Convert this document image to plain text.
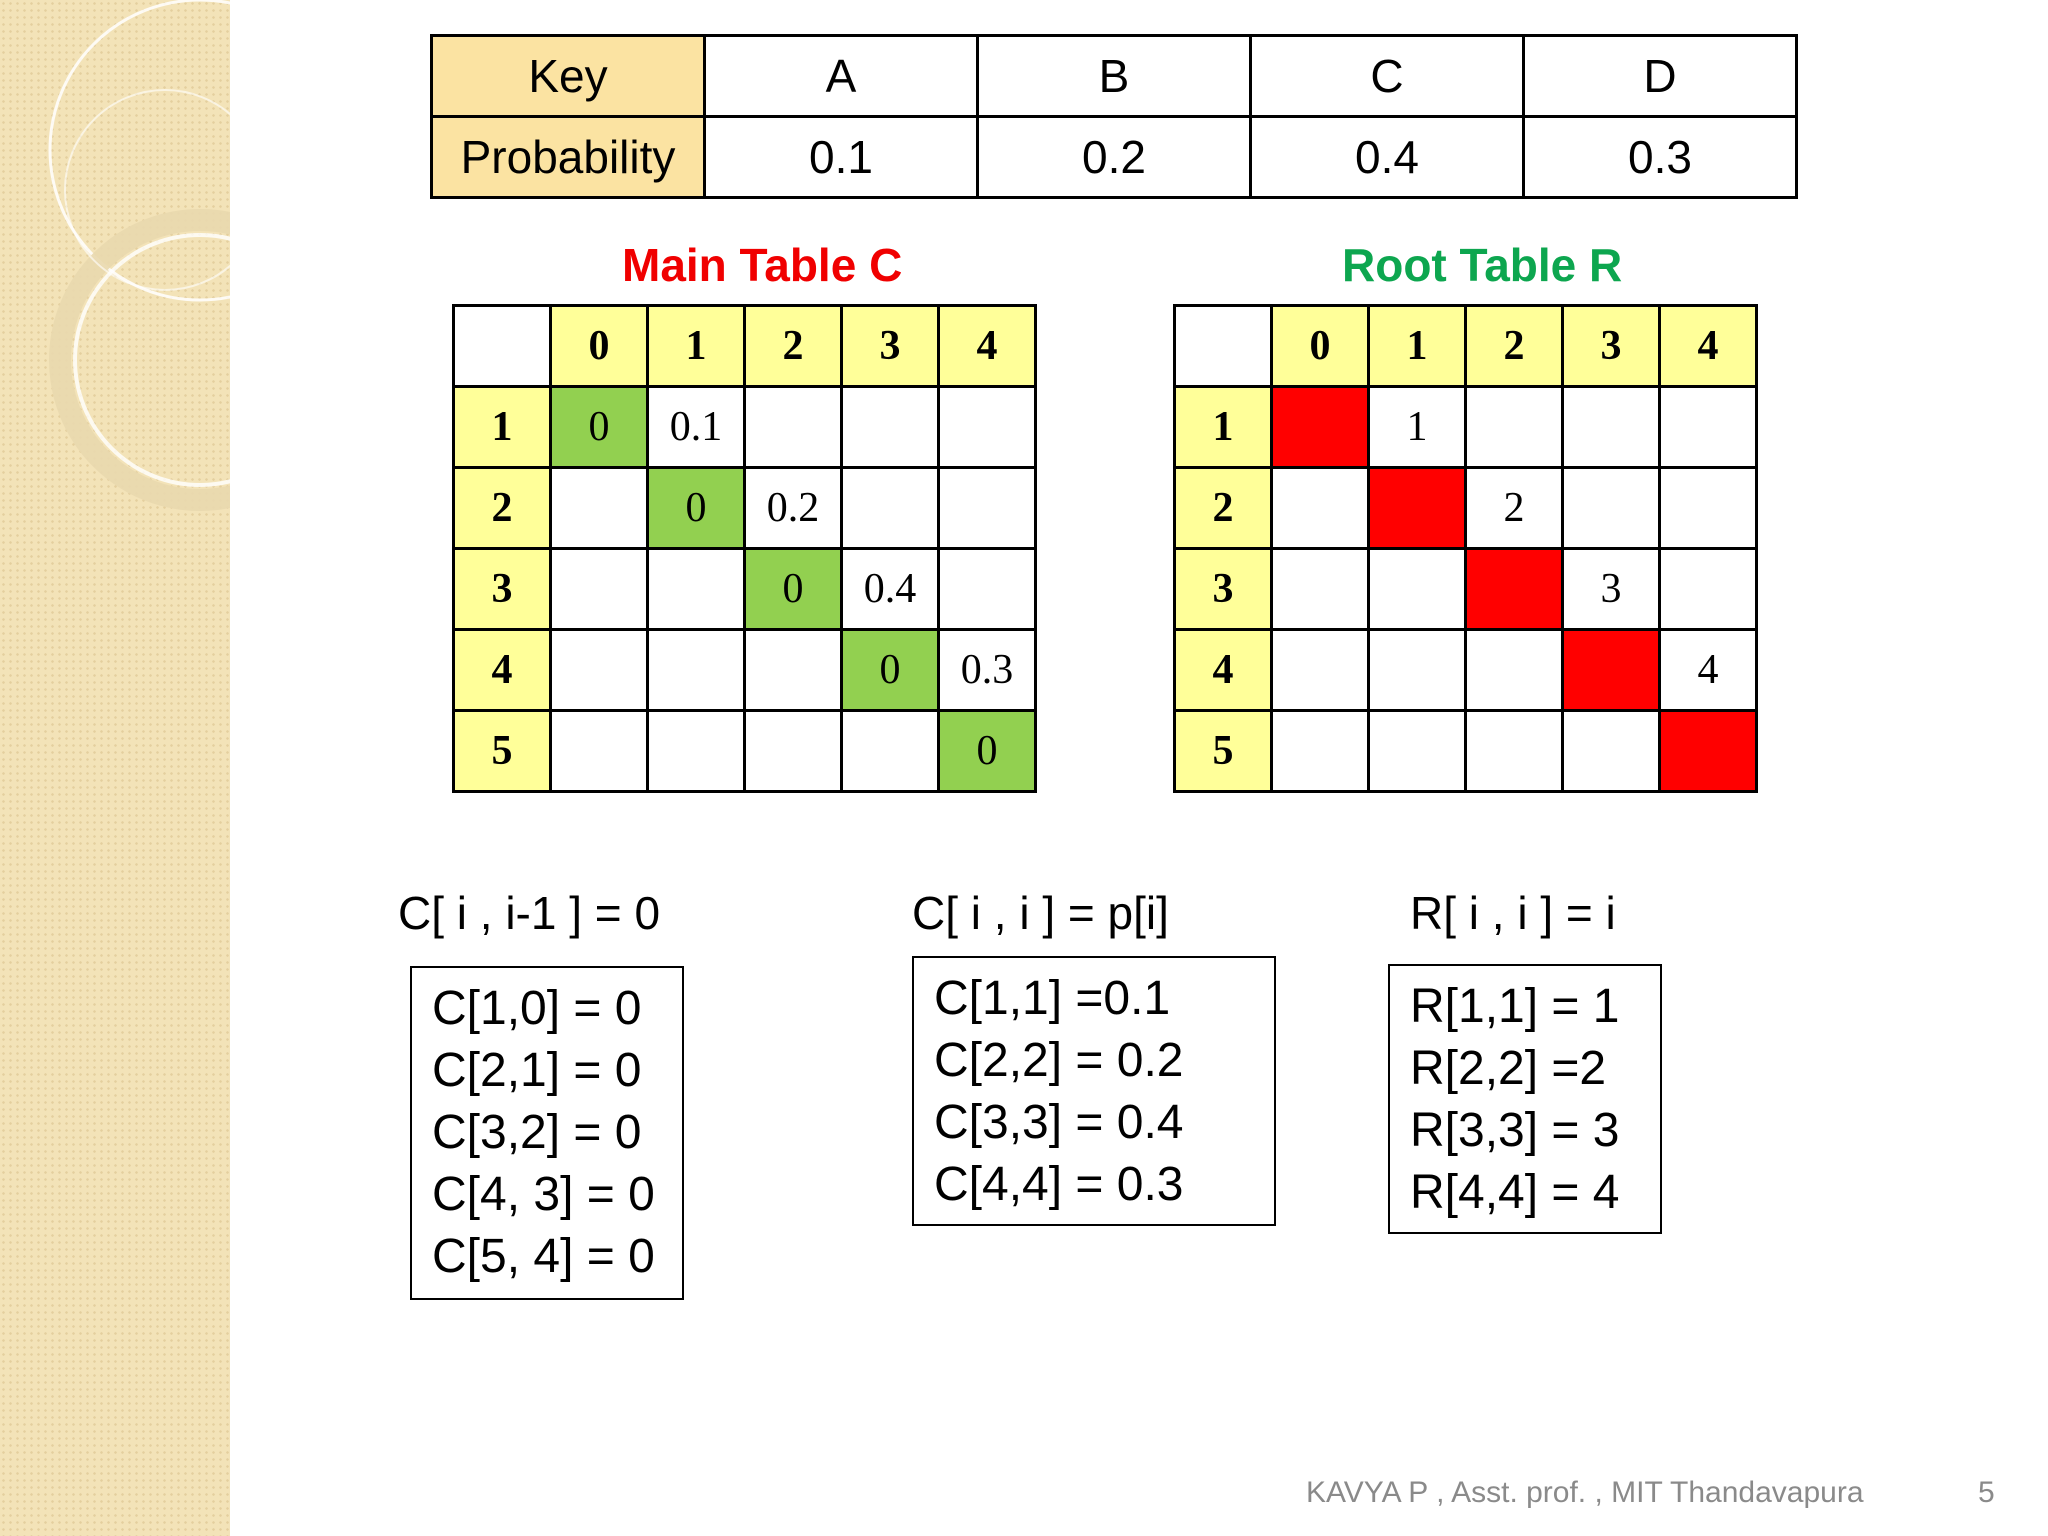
Key	A	B	C	D
Probability	0.1	0.2	0.4	0.3
Main Table C	Root Table R
	0	1	2	3	4
1	0	0.1			
2		0	0.2		
3			0	0.4	
4				0	0.3
5					0
	0	1	2	3	4
1		1			
2			2		
3				3	
4					4
5					
C[ i , i-1 ] = 0	C[ i , i ] = p[i]	R[ i , i ] = i
C[1,0] = 0
C[2,1] = 0
C[3,2] = 0
C[4, 3] = 0
C[5, 4] = 0
C[1,1] =0.1
C[2,2] = 0.2
C[3,3] = 0.4
C[4,4] = 0.3
R[1,1] = 1
R[2,2] =2
R[3,3] = 3
R[4,4] = 4
KAVYA P , Asst. prof. , MIT Thandavapura	5
